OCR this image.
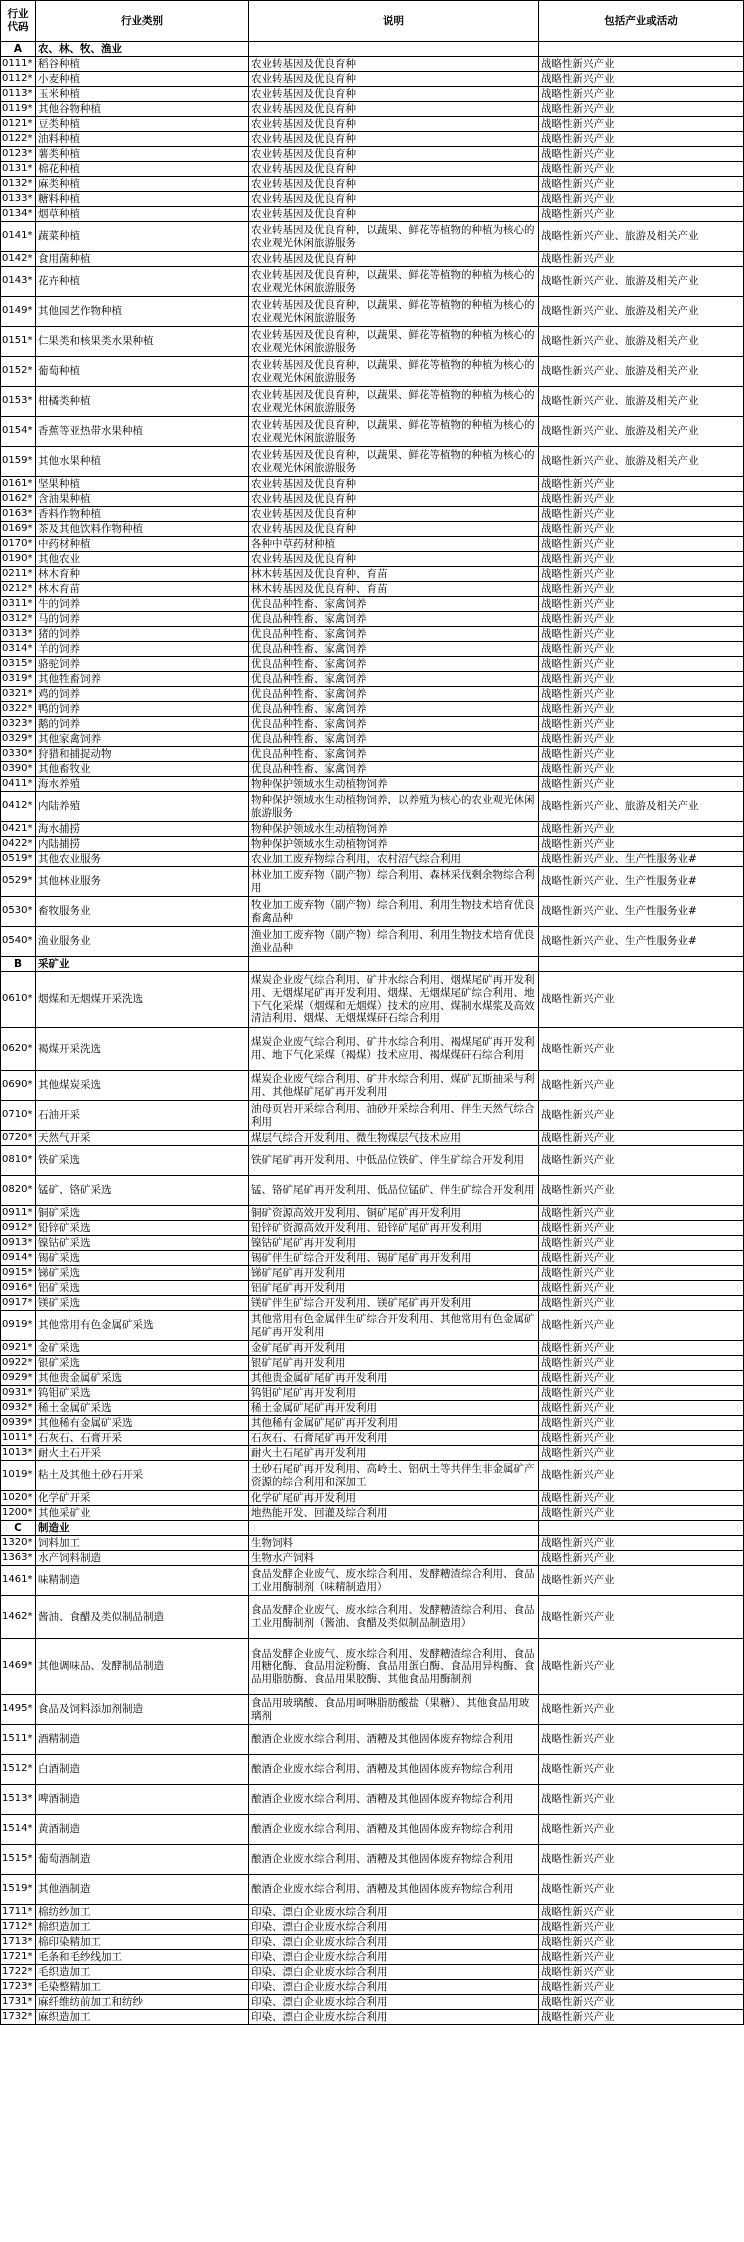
行业代码	行业类别	说明	包括产业或活动
A	农、林、牧、渔业		
0111*	稻谷种植	农业转基因及优良育种	战略性新兴产业
0112*	小麦种植	农业转基因及优良育种	战略性新兴产业
0113*	玉米种植	农业转基因及优良育种	战略性新兴产业
0119*	其他谷物种植	农业转基因及优良育种	战略性新兴产业
0121*	豆类种植	农业转基因及优良育种	战略性新兴产业
0122*	油料种植	农业转基因及优良育种	战略性新兴产业
0123*	薯类种植	农业转基因及优良育种	战略性新兴产业
0131*	棉花种植	农业转基因及优良育种	战略性新兴产业
0132*	麻类种植	农业转基因及优良育种	战略性新兴产业
0133*	糖料种植	农业转基因及优良育种	战略性新兴产业
0134*	烟草种植	农业转基因及优良育种	战略性新兴产业
0141*	蔬菜种植	农业转基因及优良育种，以蔬果、鲜花等植物的种植为核心的农业观光休闲旅游服务	战略性新兴产业、旅游及相关产业
0142*	食用菌种植	农业转基因及优良育种	战略性新兴产业
0143*	花卉种植	农业转基因及优良育种，以蔬果、鲜花等植物的种植为核心的农业观光休闲旅游服务	战略性新兴产业、旅游及相关产业
0149*	其他园艺作物种植	农业转基因及优良育种，以蔬果、鲜花等植物的种植为核心的农业观光休闲旅游服务	战略性新兴产业、旅游及相关产业
0151*	仁果类和核果类水果种植	农业转基因及优良育种，以蔬果、鲜花等植物的种植为核心的农业观光休闲旅游服务	战略性新兴产业、旅游及相关产业
0152*	葡萄种植	农业转基因及优良育种，以蔬果、鲜花等植物的种植为核心的农业观光休闲旅游服务	战略性新兴产业、旅游及相关产业
0153*	柑橘类种植	农业转基因及优良育种，以蔬果、鲜花等植物的种植为核心的农业观光休闲旅游服务	战略性新兴产业、旅游及相关产业
0154*	香蕉等亚热带水果种植	农业转基因及优良育种，以蔬果、鲜花等植物的种植为核心的农业观光休闲旅游服务	战略性新兴产业、旅游及相关产业
0159*	其他水果种植	农业转基因及优良育种，以蔬果、鲜花等植物的种植为核心的农业观光休闲旅游服务	战略性新兴产业、旅游及相关产业
0161*	坚果种植	农业转基因及优良育种	战略性新兴产业
0162*	含油果种植	农业转基因及优良育种	战略性新兴产业
0163*	香料作物种植	农业转基因及优良育种	战略性新兴产业
0169*	茶及其他饮料作物种植	农业转基因及优良育种	战略性新兴产业
0170*	中药材种植	各种中草药材种植	战略性新兴产业
0190*	其他农业	农业转基因及优良育种	战略性新兴产业
0211*	林木育种	林木转基因及优良育种、育苗	战略性新兴产业
0212*	林木育苗	林木转基因及优良育种、育苗	战略性新兴产业
0311*	牛的饲养	优良品种牲畜、家禽饲养	战略性新兴产业
0312*	马的饲养	优良品种牲畜、家禽饲养	战略性新兴产业
0313*	猪的饲养	优良品种牲畜、家禽饲养	战略性新兴产业
0314*	羊的饲养	优良品种牲畜、家禽饲养	战略性新兴产业
0315*	骆驼饲养	优良品种牲畜、家禽饲养	战略性新兴产业
0319*	其他牲畜饲养	优良品种牲畜、家禽饲养	战略性新兴产业
0321*	鸡的饲养	优良品种牲畜、家禽饲养	战略性新兴产业
0322*	鸭的饲养	优良品种牲畜、家禽饲养	战略性新兴产业
0323*	鹅的饲养	优良品种牲畜、家禽饲养	战略性新兴产业
0329*	其他家禽饲养	优良品种牲畜、家禽饲养	战略性新兴产业
0330*	狩猎和捕捉动物	优良品种牲畜、家禽饲养	战略性新兴产业
0390*	其他畜牧业	优良品种牲畜、家禽饲养	战略性新兴产业
0411*	海水养殖	物种保护领域水生动植物饲养	战略性新兴产业
0412*	内陆养殖	物种保护领域水生动植物饲养，以养殖为核心的农业观光休闲旅游服务	战略性新兴产业、旅游及相关产业
0421*	海水捕捞	物种保护领域水生动植物饲养	战略性新兴产业
0422*	内陆捕捞	物种保护领域水生动植物饲养	战略性新兴产业
0519*	其他农业服务	农业加工废弃物综合利用，农村沼气综合利用	战略性新兴产业、生产性服务业#
0529*	其他林业服务	林业加工废弃物（副产物）综合利用、森林采伐剩余物综合利用	战略性新兴产业、生产性服务业#
0530*	畜牧服务业	牧业加工废弃物（副产物）综合利用、利用生物技术培育优良畜禽品种	战略性新兴产业、生产性服务业#
0540*	渔业服务业	渔业加工废弃物（副产物）综合利用、利用生物技术培育优良渔业品种	战略性新兴产业、生产性服务业#
B	采矿业		
0610*	烟煤和无烟煤开采洗选	煤炭企业废气综合利用、矿井水综合利用、烟煤尾矿再开发利用、无烟煤尾矿再开发利用、烟煤、无烟煤尾矿综合利用、地下气化采煤（烟煤和无烟煤）技术的应用、煤制水煤浆及高效清洁利用、烟煤、无烟煤煤矸石综合利用	战略性新兴产业
0620*	褐煤开采洗选	煤炭企业废气综合利用、矿井水综合利用、褐煤尾矿再开发利用、地下气化采煤（褐煤）技术应用、褐煤煤矸石综合利用	战略性新兴产业
0690*	其他煤炭采选	煤炭企业废气综合利用、矿井水综合利用、煤矿瓦斯抽采与利用、其他煤矿尾矿再开发利用	战略性新兴产业
0710*	石油开采	油母页岩开采综合利用、油砂开采综合利用、伴生天然气综合利用	战略性新兴产业
0720*	天然气开采	煤层气综合开发利用、微生物煤层气技术应用	战略性新兴产业
0810*	铁矿采选	铁矿尾矿再开发利用、中低品位铁矿、伴生矿综合开发利用	战略性新兴产业
0820*	锰矿、铬矿采选	锰、铬矿尾矿再开发利用、低品位锰矿、伴生矿综合开发利用	战略性新兴产业
0911*	铜矿采选	铜矿资源高效开发利用、铜矿尾矿再开发利用	战略性新兴产业
0912*	铅锌矿采选	铅锌矿资源高效开发利用、铅锌矿尾矿再开发利用	战略性新兴产业
0913*	镍钴矿采选	镍钴矿尾矿再开发利用	战略性新兴产业
0914*	锡矿采选	锡矿伴生矿综合开发利用、锡矿尾矿再开发利用	战略性新兴产业
0915*	锑矿采选	锑矿尾矿再开发利用	战略性新兴产业
0916*	铝矿采选	铝矿尾矿再开发利用	战略性新兴产业
0917*	镁矿采选	镁矿伴生矿综合开发利用、镁矿尾矿再开发利用	战略性新兴产业
0919*	其他常用有色金属矿采选	其他常用有色金属伴生矿综合开发利用、其他常用有色金属矿尾矿再开发利用	战略性新兴产业
0921*	金矿采选	金矿尾矿再开发利用	战略性新兴产业
0922*	银矿采选	银矿尾矿再开发利用	战略性新兴产业
0929*	其他贵金属矿采选	其他贵金属矿尾矿再开发利用	战略性新兴产业
0931*	钨钼矿采选	钨钼矿尾矿再开发利用	战略性新兴产业
0932*	稀土金属矿采选	稀土金属矿尾矿再开发利用	战略性新兴产业
0939*	其他稀有金属矿采选	其他稀有金属矿尾矿再开发利用	战略性新兴产业
1011*	石灰石、石膏开采	石灰石、石膏尾矿再开发利用	战略性新兴产业
1013*	耐火土石开采	耐火土石尾矿再开发利用	战略性新兴产业
1019*	粘土及其他土砂石开采	土砂石尾矿再开发利用、高岭土、铝矾土等共伴生非金属矿产资源的综合利用和深加工	战略性新兴产业
1020*	化学矿开采	化学矿尾矿再开发利用	战略性新兴产业
1200*	其他采矿业	地热能开发、回灌及综合利用	战略性新兴产业
C	制造业		
1320*	饲料加工	生物饲料	战略性新兴产业
1363*	水产饲料制造	生物水产饲料	战略性新兴产业
1461*	味精制造	食品发酵企业废气、废水综合利用、发酵糟渣综合利用、食品工业用酶制剂（味精制造用）	战略性新兴产业
1462*	酱油、食醋及类似制品制造	食品发酵企业废气、废水综合利用、发酵糟渣综合利用、食品工业用酶制剂（酱油、食醋及类似制品制造用）	战略性新兴产业
1469*	其他调味品、发酵制品制造	食品发酵企业废气、废水综合利用、发酵糟渣综合利用、食品用糖化酶、食品用淀粉酶、食品用蛋白酶、食品用异构酶、食品用脂肪酶、食品用果胶酶、其他食品用酶制剂	战略性新兴产业
1495*	食品及饲料添加剂制造	食品用玻璃酸、食品用呵啉脂肪酸盐（果糖）、其他食品用玻璃剂	战略性新兴产业
1511*	酒精制造	酿酒企业废水综合利用、酒糟及其他固体废弃物综合利用	战略性新兴产业
1512*	白酒制造	酿酒企业废水综合利用、酒糟及其他固体废弃物综合利用	战略性新兴产业
1513*	啤酒制造	酿酒企业废水综合利用、酒糟及其他固体废弃物综合利用	战略性新兴产业
1514*	黄酒制造	酿酒企业废水综合利用、酒糟及其他固体废弃物综合利用	战略性新兴产业
1515*	葡萄酒制造	酿酒企业废水综合利用、酒糟及其他固体废弃物综合利用	战略性新兴产业
1519*	其他酒制造	酿酒企业废水综合利用、酒糟及其他固体废弃物综合利用	战略性新兴产业
1711*	棉纺纱加工	印染、漂白企业废水综合利用	战略性新兴产业
1712*	棉织造加工	印染、漂白企业废水综合利用	战略性新兴产业
1713*	棉印染精加工	印染、漂白企业废水综合利用	战略性新兴产业
1721*	毛条和毛纱线加工	印染、漂白企业废水综合利用	战略性新兴产业
1722*	毛织造加工	印染、漂白企业废水综合利用	战略性新兴产业
1723*	毛染整精加工	印染、漂白企业废水综合利用	战略性新兴产业
1731*	麻纤维纺前加工和纺纱	印染、漂白企业废水综合利用	战略性新兴产业
1732*	麻织造加工	印染、漂白企业废水综合利用	战略性新兴产业
